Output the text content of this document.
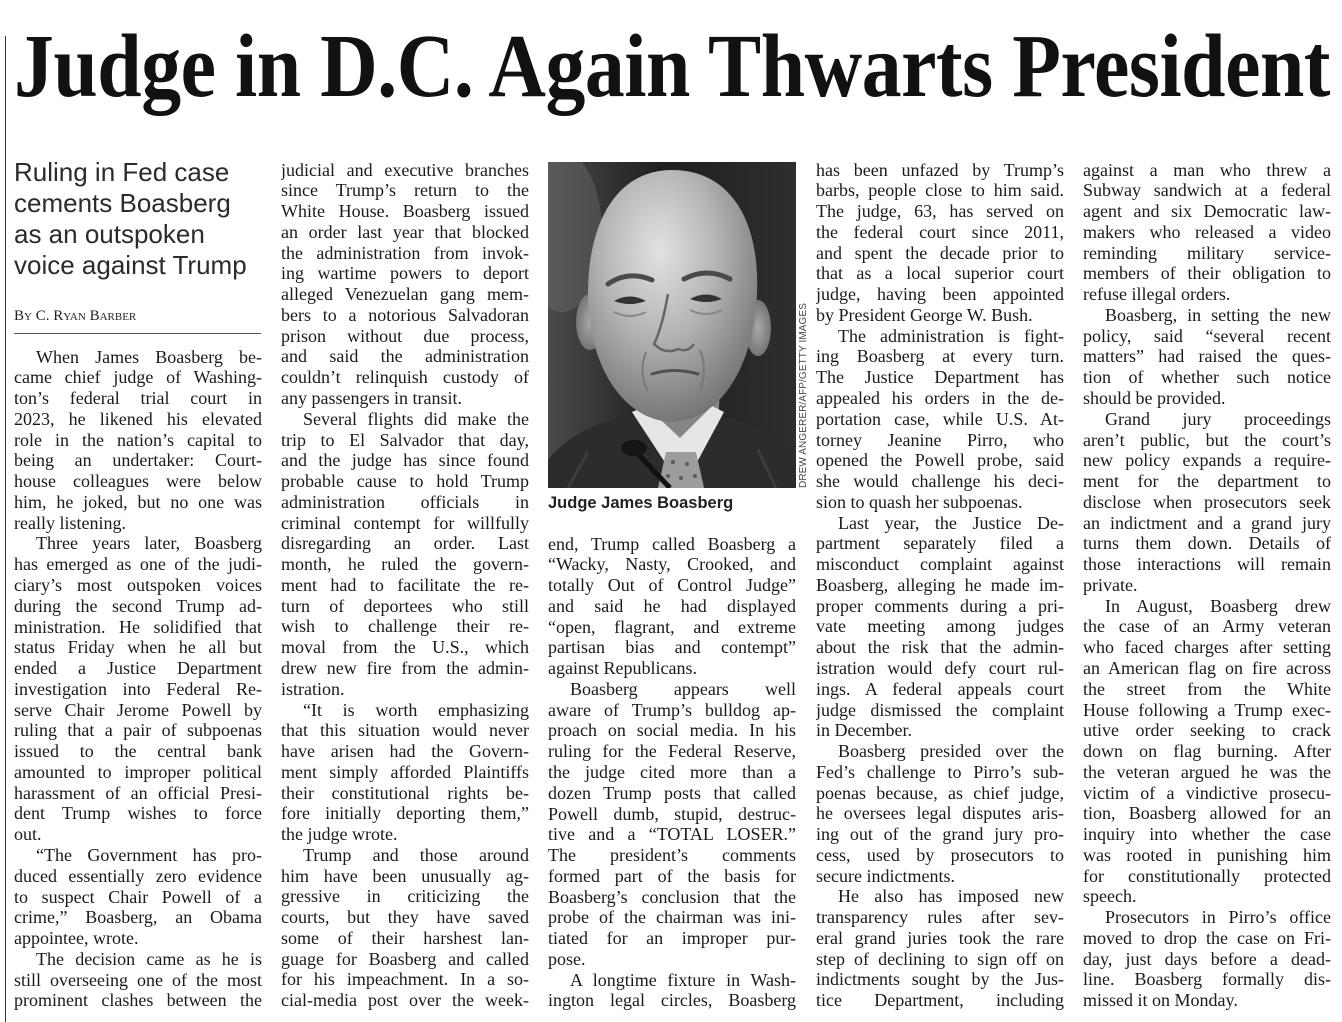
Judge in D.C. Again Thwarts President
Ruling in Fed case
cements Boasberg
as an outspoken
voice against Trump
By C. Ryan Barber
When James Boasberg be-
came chief judge of Washing-
ton’s federal trial court in
2023, he likened his elevated
role in the nation’s capital to
being an undertaker: Court-
house colleagues were below
him, he joked, but no one was
really listening.
Three years later, Boasberg
has emerged as one of the judi-
ciary’s most outspoken voices
during the second Trump ad-
ministration. He solidified that
status Friday when he all but
ended a Justice Department
investigation into Federal Re-
serve Chair Jerome Powell by
ruling that a pair of subpoenas
issued to the central bank
amounted to improper political
harassment of an official Presi-
dent Trump wishes to force
out.
“The Government has pro-
duced essentially zero evidence
to suspect Chair Powell of a
crime,” Boasberg, an Obama
appointee, wrote.
The decision came as he is
still overseeing one of the most
prominent clashes between the
judicial and executive branches
since Trump’s return to the
White House. Boasberg issued
an order last year that blocked
the administration from invok-
ing wartime powers to deport
alleged Venezuelan gang mem-
bers to a notorious Salvadoran
prison without due process,
and said the administration
couldn’t relinquish custody of
any passengers in transit.
Several flights did make the
trip to El Salvador that day,
and the judge has since found
probable cause to hold Trump
administration officials in
criminal contempt for willfully
disregarding an order. Last
month, he ruled the govern-
ment had to facilitate the re-
turn of deportees who still
wish to challenge their re-
moval from the U.S., which
drew new fire from the admin-
istration.
“It is worth emphasizing
that this situation would never
have arisen had the Govern-
ment simply afforded Plaintiffs
their constitutional rights be-
fore initially deporting them,”
the judge wrote.
Trump and those around
him have been unusually ag-
gressive in criticizing the
courts, but they have saved
some of their harshest lan-
guage for Boasberg and called
for his impeachment. In a so-
cial-media post over the week-
DREW ANGERER/AFP/GETTY IMAGES
Judge James Boasberg
end, Trump called Boasberg a
“Wacky, Nasty, Crooked, and
totally Out of Control Judge”
and said he had displayed
“open, flagrant, and extreme
partisan bias and contempt”
against Republicans.
Boasberg appears well
aware of Trump’s bulldog ap-
proach on social media. In his
ruling for the Federal Reserve,
the judge cited more than a
dozen Trump posts that called
Powell dumb, stupid, destruc-
tive and a “TOTAL LOSER.”
The president’s comments
formed part of the basis for
Boasberg’s conclusion that the
probe of the chairman was ini-
tiated for an improper pur-
pose.
A longtime fixture in Wash-
ington legal circles, Boasberg
has been unfazed by Trump’s
barbs, people close to him said.
The judge, 63, has served on
the federal court since 2011,
and spent the decade prior to
that as a local superior court
judge, having been appointed
by President George W. Bush.
The administration is fight-
ing Boasberg at every turn.
The Justice Department has
appealed his orders in the de-
portation case, while U.S. At-
torney Jeanine Pirro, who
opened the Powell probe, said
she would challenge his deci-
sion to quash her subpoenas.
Last year, the Justice De-
partment separately filed a
misconduct complaint against
Boasberg, alleging he made im-
proper comments during a pri-
vate meeting among judges
about the risk that the admin-
istration would defy court rul-
ings. A federal appeals court
judge dismissed the complaint
in December.
Boasberg presided over the
Fed’s challenge to Pirro’s sub-
poenas because, as chief judge,
he oversees legal disputes aris-
ing out of the grand jury pro-
cess, used by prosecutors to
secure indictments.
He also has imposed new
transparency rules after sev-
eral grand juries took the rare
step of declining to sign off on
indictments sought by the Jus-
tice Department, including
against a man who threw a
Subway sandwich at a federal
agent and six Democratic law-
makers who released a video
reminding military service-
members of their obligation to
refuse illegal orders.
Boasberg, in setting the new
policy, said “several recent
matters” had raised the ques-
tion of whether such notice
should be provided.
Grand jury proceedings
aren’t public, but the court’s
new policy expands a require-
ment for the department to
disclose when prosecutors seek
an indictment and a grand jury
turns them down. Details of
those interactions will remain
private.
In August, Boasberg drew
the case of an Army veteran
who faced charges after setting
an American flag on fire across
the street from the White
House following a Trump exec-
utive order seeking to crack
down on flag burning. After
the veteran argued he was the
victim of a vindictive prosecu-
tion, Boasberg allowed for an
inquiry into whether the case
was rooted in punishing him
for constitutionally protected
speech.
Prosecutors in Pirro’s office
moved to drop the case on Fri-
day, just days before a dead-
line. Boasberg formally dis-
missed it on Monday.
